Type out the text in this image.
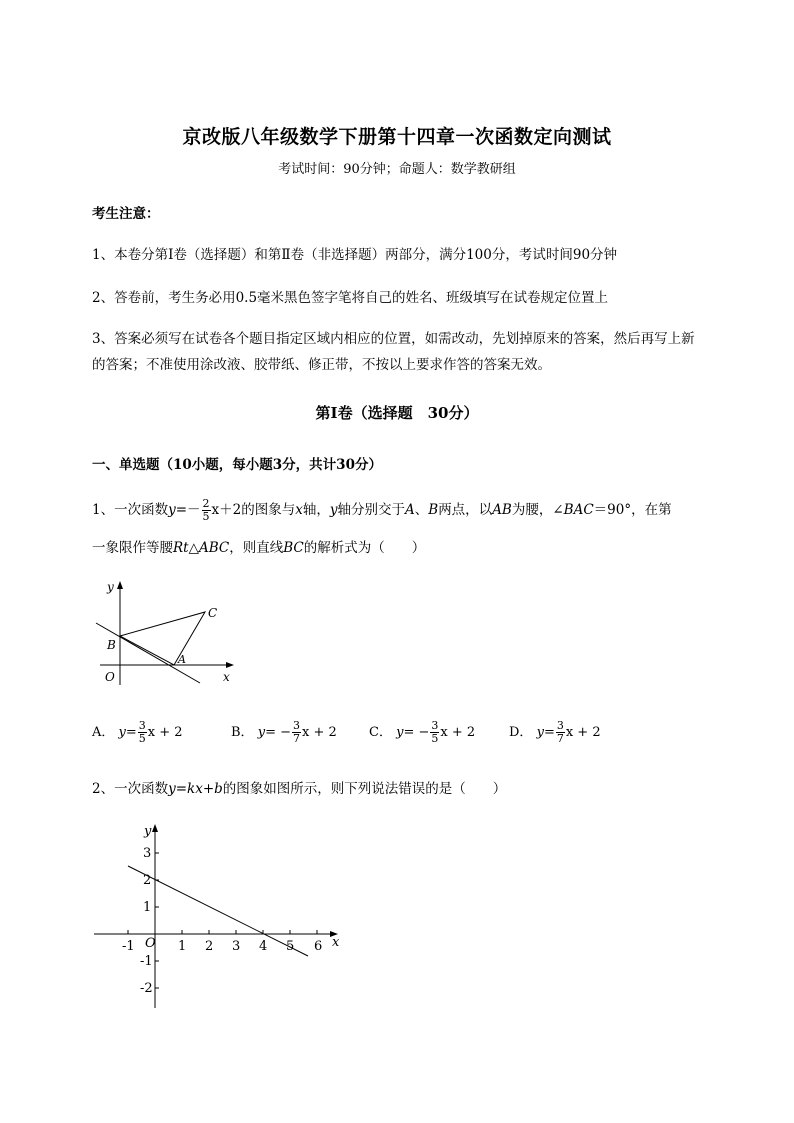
京改版八年级数学下册第十四章一次函数定向测试
考试时间：90分钟；命题人：数学教研组
考生注意：
1、本卷分第I卷（选择题）和第Ⅱ卷（非选择题）两部分，满分100分，考试时间90分钟
2、答卷前，考生务必用0.5毫米黑色签字笔将自己的姓名、班级填写在试卷规定位置上
3、答案必须写在试卷各个题目指定区域内相应的位置，如需改动，先划掉原来的答案，然后再写上新
的答案；不准使用涂改液、胶带纸、修正带，不按以上要求作答的答案无效。
第I卷（选择题　30分）
一、单选题（10小题，每小题3分，共计30分）
1、一次函数$y=- \frac{2}{5} x+2$的图象与x轴，y轴分别交于A、B两点，以AB为腰，∠BAC＝90°，在第
一象限作等腰Rt△ABC，则直线BC的解析式为（　　）
y
x
O
B
A
C
A． $y= \frac{3}{5}$ x + 2	B． $y= - \frac{3}{7}$ x + 2 C． $y= - \frac{3}{5}$ x + 2	D． $y= \frac{3}{7}$ x + 2
2、一次函数y=kx+b的图象如图所示，则下列说法错误的是（　　）
y
x
O
-1	1 2 3 4 5 6
3
2
1
-1
-2
